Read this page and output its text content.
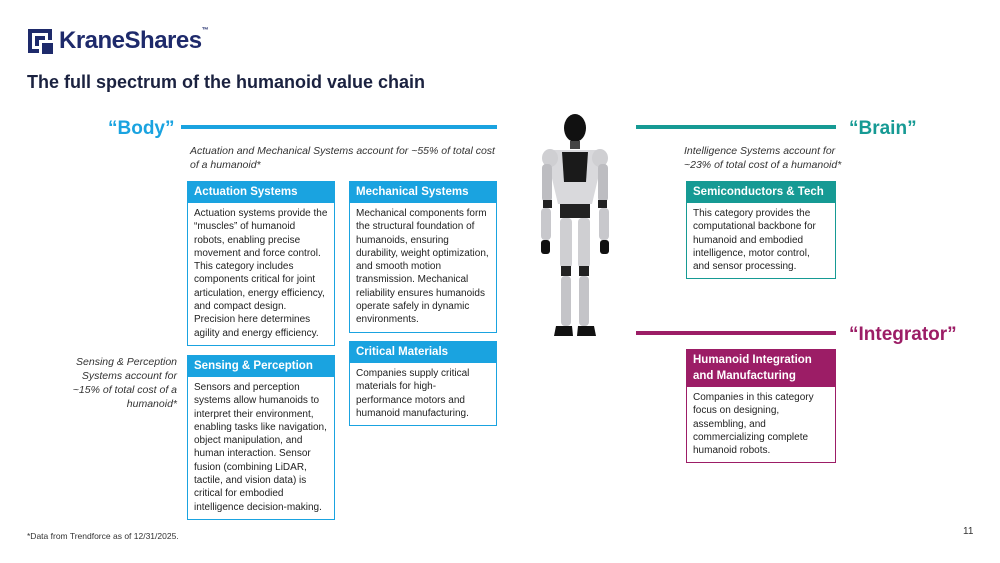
KraneShares™
The full spectrum of the humanoid value chain
“Body”
Actuation and Mechanical Systems account for ~55% of total cost of a humanoid*
“Brain”
Intelligence Systems account for ~23% of total cost of a humanoid*
“Integrator”
Sensing & Perception Systems account for ~15% of total cost of a humanoid*
Actuation Systems
Actuation systems provide the “muscles” of humanoid robots, enabling precise movement and force control. This category includes components critical for joint articulation, energy efficiency, and compact design. Precision here determines agility and energy efficiency.
Mechanical Systems
Mechanical components form the structural foundation of humanoids, ensuring durability, weight optimization, and smooth motion transmission. Mechanical reliability ensures humanoids operate safely in dynamic environments.
Sensing & Perception
Sensors and perception systems allow humanoids to interpret their environment, enabling tasks like navigation, object manipulation, and human interaction. Sensor fusion (combining LiDAR, tactile, and vision data) is critical for embodied intelligence decision-making.
Critical Materials
Companies supply critical materials for high-performance motors and humanoid manufacturing.
Semiconductors & Tech
This category provides the computational backbone for humanoid and embodied intelligence, motor control, and sensor processing.
Humanoid Integration and Manufacturing
Companies in this category focus on designing, assembling, and commercializing complete humanoid robots.
*Data from Trendforce as of 12/31/2025.	11
